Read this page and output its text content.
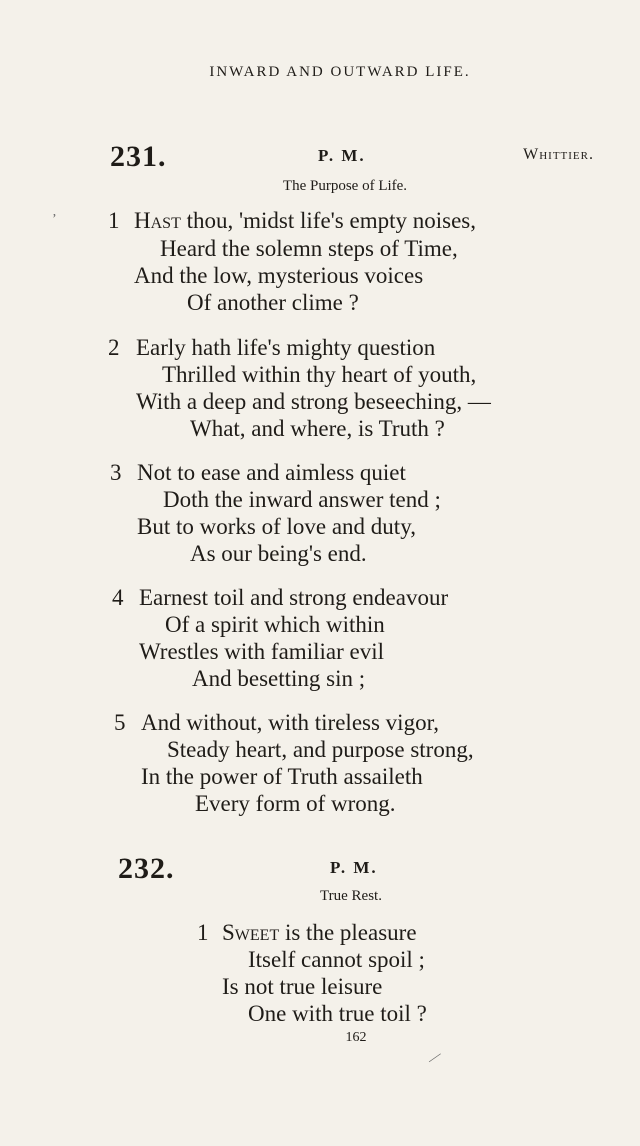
INWARD AND OUTWARD LIFE.
’
231.	P. M.	Whittier.
The Purpose of Life.
1 Hast thou, 'midst life's empty noises,
Heard the solemn steps of Time,
And the low, mysterious voices
Of another clime ?
2 Early hath life's mighty question
Thrilled within thy heart of youth,
With a deep and strong beseeching, —
What, and where, is Truth ?
3 Not to ease and aimless quiet
Doth the inward answer tend ;
But to works of love and duty,
As our being's end.
4 Earnest toil and strong endeavour
Of a spirit which within
Wrestles with familiar evil
And besetting sin ;
5 And without, with tireless vigor,
Steady heart, and purpose strong,
In the power of Truth assaileth
Every form of wrong.
232.	P. M.
True Rest.
1 Sweet is the pleasure
Itself cannot spoil ;
Is not true leisure
One with true toil ?
162
—
